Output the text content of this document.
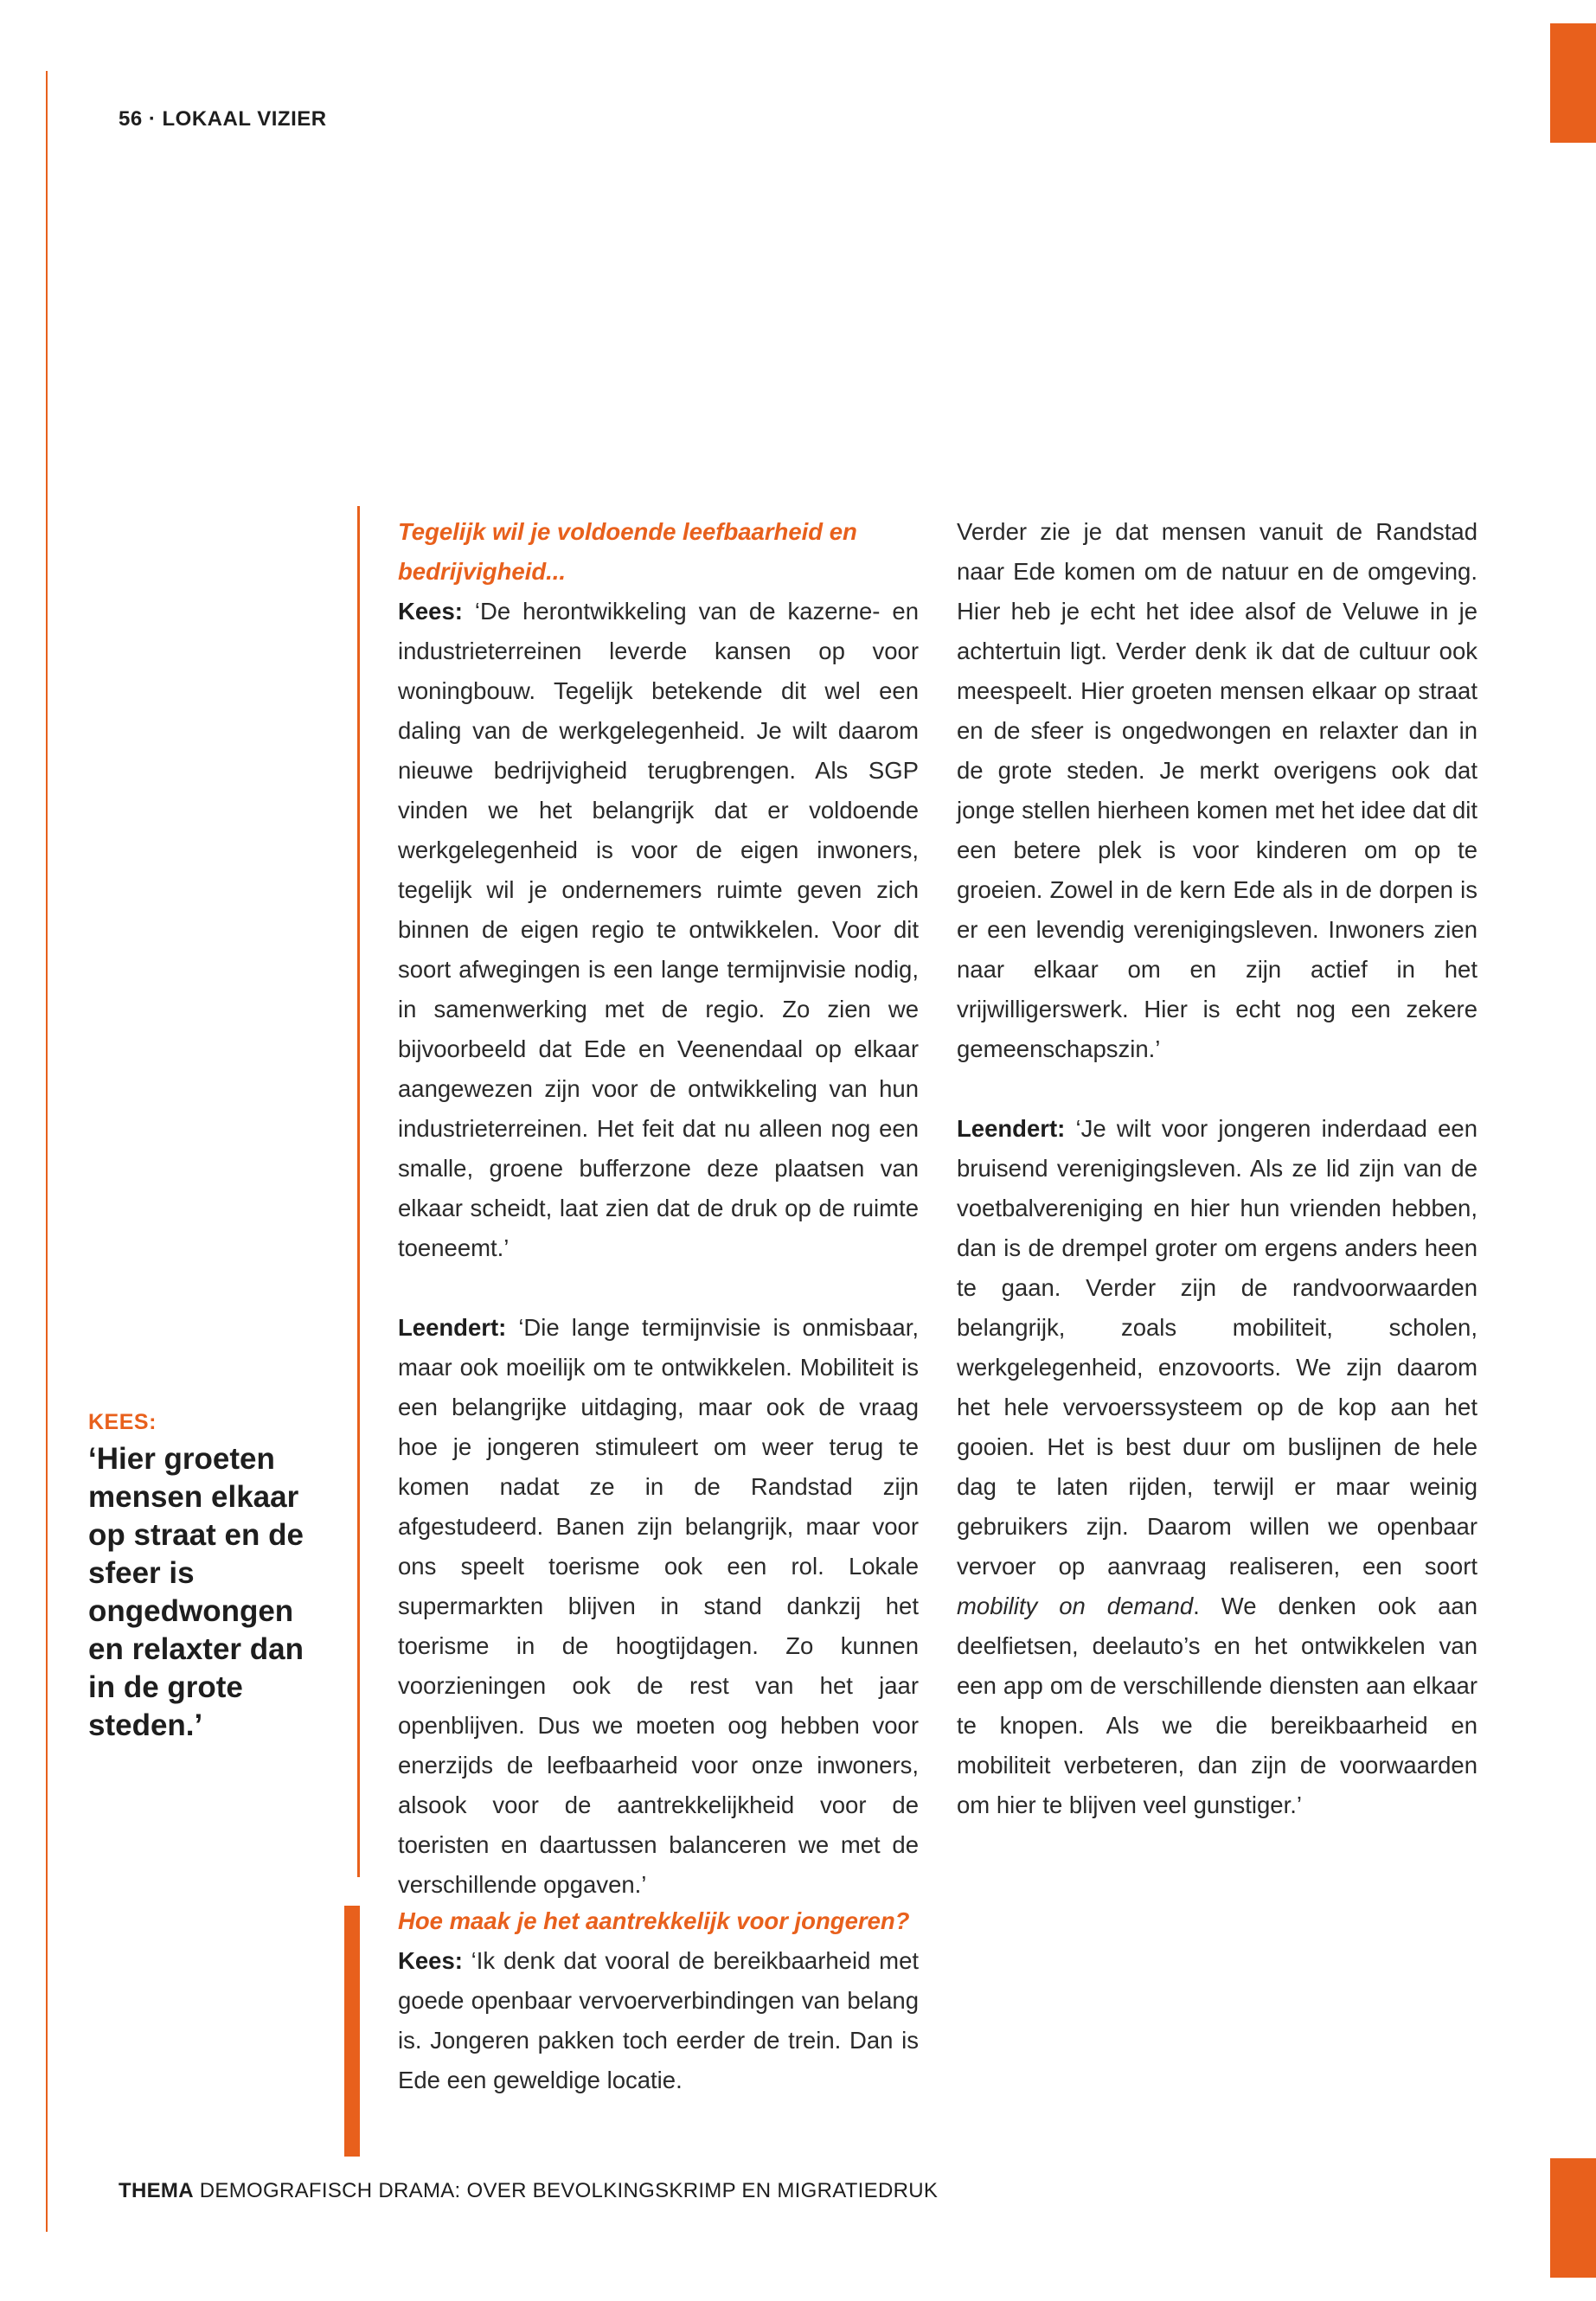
56 · LOKAAL VIZIER
KEES:
‘Hier groeten mensen elkaar op straat en de sfeer is ongedwongen en relaxter dan in de grote steden.’

Tegelijk wil je voldoende leefbaarheid en bedrijvigheid...

Kees: ‘De herontwikkeling van de kazerne- en industrieterreinen leverde kansen op voor woningbouw. Tegelijk betekende dit wel een daling van de werkgelegenheid. Je wilt daarom nieuwe bedrijvigheid terugbrengen. Als SGP vinden we het belangrijk dat er voldoende werkgelegenheid is voor de eigen inwoners, tegelijk wil je ondernemers ruimte geven zich binnen de eigen regio te ontwikkelen. Voor dit soort afwegingen is een lange termijnvisie nodig, in samenwerking met de regio. Zo zien we bijvoorbeeld dat Ede en Veenendaal op elkaar aangewezen zijn voor de ontwikkeling van hun industrieterreinen. Het feit dat nu alleen nog een smalle, groene bufferzone deze plaatsen van elkaar scheidt, laat zien dat de druk op de ruimte toeneemt.’

Leendert: ‘Die lange termijnvisie is onmisbaar, maar ook moeilijk om te ontwikkelen. Mobiliteit is een belangrijke uitdaging, maar ook de vraag hoe je jongeren stimuleert om weer terug te komen nadat ze in de Randstad zijn afgestudeerd. Banen zijn belangrijk, maar voor ons speelt toerisme ook een rol. Lokale supermarkten blijven in stand dankzij het toerisme in de hoogtijdagen. Zo kunnen voorzieningen ook de rest van het jaar openblijven. Dus we moeten oog hebben voor enerzijds de leefbaarheid voor onze inwoners, alsook voor de aantrekkelijkheid voor de toeristen en daartussen balanceren we met de verschillende opgaven.’

Hoe maak je het aantrekkelijk voor jongeren?

Kees: ‘Ik denk dat vooral de bereikbaarheid met goede openbaar vervoerverbindingen van belang is. Jongeren pakken toch eerder de trein. Dan is Ede een geweldige locatie.

Verder zie je dat mensen vanuit de Randstad naar Ede komen om de natuur en de omgeving. Hier heb je echt het idee alsof de Veluwe in je achtertuin ligt. Verder denk ik dat de cultuur ook meespeelt. Hier groeten mensen elkaar op straat en de sfeer is ongedwongen en relaxter dan in de grote steden. Je merkt overigens ook dat jonge stellen hierheen komen met het idee dat dit een betere plek is voor kinderen om op te groeien. Zowel in de kern Ede als in de dorpen is er een levendig verenigingsleven. Inwoners zien naar elkaar om en zijn actief in het vrijwilligerswerk. Hier is echt nog een zekere gemeenschapszin.’

Leendert: ‘Je wilt voor jongeren inderdaad een bruisend verenigingsleven. Als ze lid zijn van de voetbalvereniging en hier hun vrienden hebben, dan is de drempel groter om ergens anders heen te gaan. Verder zijn de randvoorwaarden belangrijk, zoals mobiliteit, scholen, werkgelegenheid, enzovoorts. We zijn daarom het hele vervoerssysteem op de kop aan het gooien. Het is best duur om buslijnen de hele dag te laten rijden, terwijl er maar weinig gebruikers zijn. Daarom willen we openbaar vervoer op aanvraag realiseren, een soort mobility on demand. We denken ook aan deelfietsen, deelauto’s en het ontwikkelen van een app om de verschillende diensten aan elkaar te knopen. Als we die bereikbaarheid en mobiliteit verbeteren, dan zijn de voorwaarden om hier te blijven veel gunstiger.’

THEMA DEMOGRAFISCH DRAMA: OVER BEVOLKINGSKRIMP EN MIGRATIEDRUK
